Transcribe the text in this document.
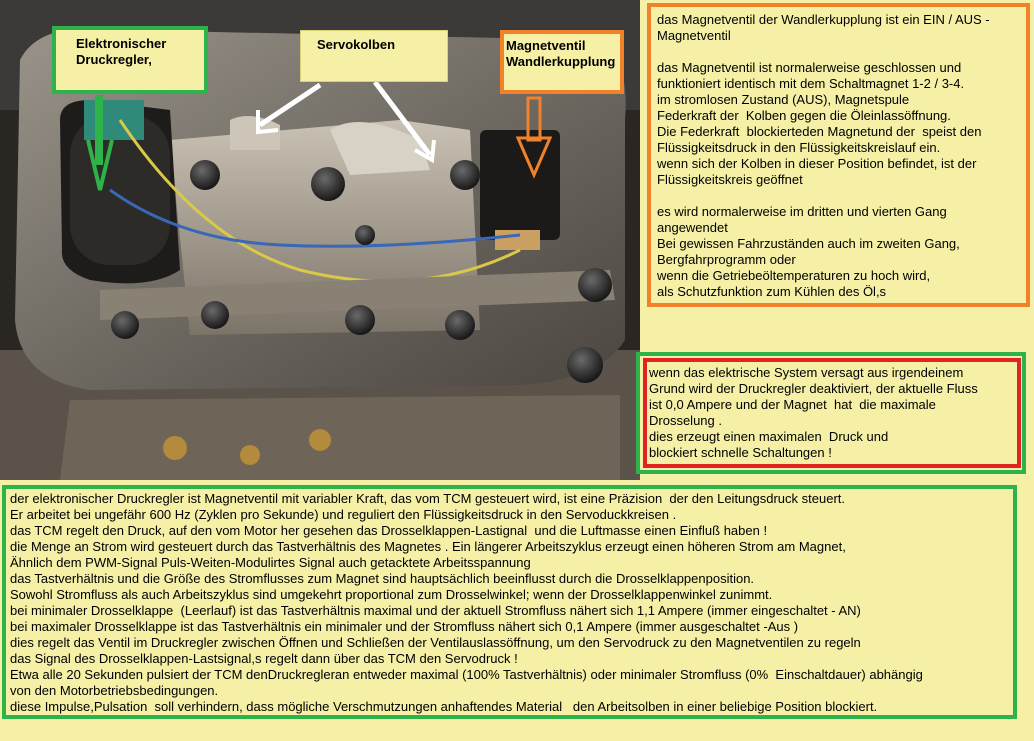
Elektronischer
Druckregler,
Servokolben	Magnetventil
Wandlerkupplung
das Magnetventil der Wandlerkupplung ist ein EIN / AUS -
Magnetventil

das Magnetventil ist normalerweise geschlossen und
funktioniert identisch mit dem Schaltmagnet 1-2 / 3-4.
im stromlosen Zustand (AUS), Magnetspule
Federkraft der  Kolben gegen die Öleinlassöffnung.
Die Federkraft  blockierteden Magnetund der  speist den
Flüssigkeitsdruck in den Flüssigkeitskreislauf ein.
wenn sich der Kolben in dieser Position befindet, ist der
Flüssigkeitskreis geöffnet

es wird normalerweise im dritten und vierten Gang
angewendet
Bei gewissen Fahrzuständen auch im zweiten Gang,
Bergfahrprogramm oder
wenn die Getriebeöltemperaturen zu hoch wird,
als Schutzfunktion zum Kühlen des Öl,s
wenn das elektrische System versagt aus irgendeinem
Grund wird der Druckregler deaktiviert, der aktuelle Fluss
ist 0,0 Ampere und der Magnet  hat  die maximale
Drosselung .
dies erzeugt einen maximalen  Druck und
blockiert schnelle Schaltungen !
der elektronischer Druckregler ist Magnetventil mit variabler Kraft, das vom TCM gesteuert wird, ist eine Präzision  der den Leitungsdruck steuert.
Er arbeitet bei ungefähr 600 Hz (Zyklen pro Sekunde) und reguliert den Flüssigkeitsdruck in den Servoduckkreisen .
das TCM regelt den Druck, auf den vom Motor her gesehen das Drosselklappen-Lastignal  und die Luftmasse einen Einfluß haben !
die Menge an Strom wird gesteuert durch das Tastverhältnis des Magnetes . Ein längerer Arbeitszyklus erzeugt einen höheren Strom am Magnet,
Ähnlich dem PWM-Signal Puls-Weiten-Modulirtes Signal auch getacktete Arbeitsspannung
das Tastverhältnis und die Größe des Stromflusses zum Magnet sind hauptsächlich beeinflusst durch die Drosselklappenposition.
Sowohl Stromfluss als auch Arbeitszyklus sind umgekehrt proportional zum Drosselwinkel; wenn der Drosselklappenwinkel zunimmt.
bei minimaler Drosselklappe  (Leerlauf) ist das Tastverhältnis maximal und der aktuell Stromfluss nähert sich 1,1 Ampere (immer eingeschaltet - AN)
bei maximaler Drosselklappe ist das Tastverhältnis ein minimaler und der Stromfluss nähert sich 0,1 Ampere (immer ausgeschaltet -Aus )
dies regelt das Ventil im Druckregler zwischen Öffnen und Schließen der Ventilauslassöffnung, um den Servodruck zu den Magnetventilen zu regeln
das Signal des Drosselklappen-Lastsignal,s regelt dann über das TCM den Servodruck !
Etwa alle 20 Sekunden pulsiert der TCM denDruckregleran entweder maximal (100% Tastverhältnis) oder minimaler Stromfluss (0%  Einschaltdauer) abhängig
von den Motorbetriebsbedingungen.
diese Impulse,Pulsation  soll verhindern, dass mögliche Verschmutzungen anhaftendes Material   den Arbeitsolben in einer beliebige Position blockiert.
